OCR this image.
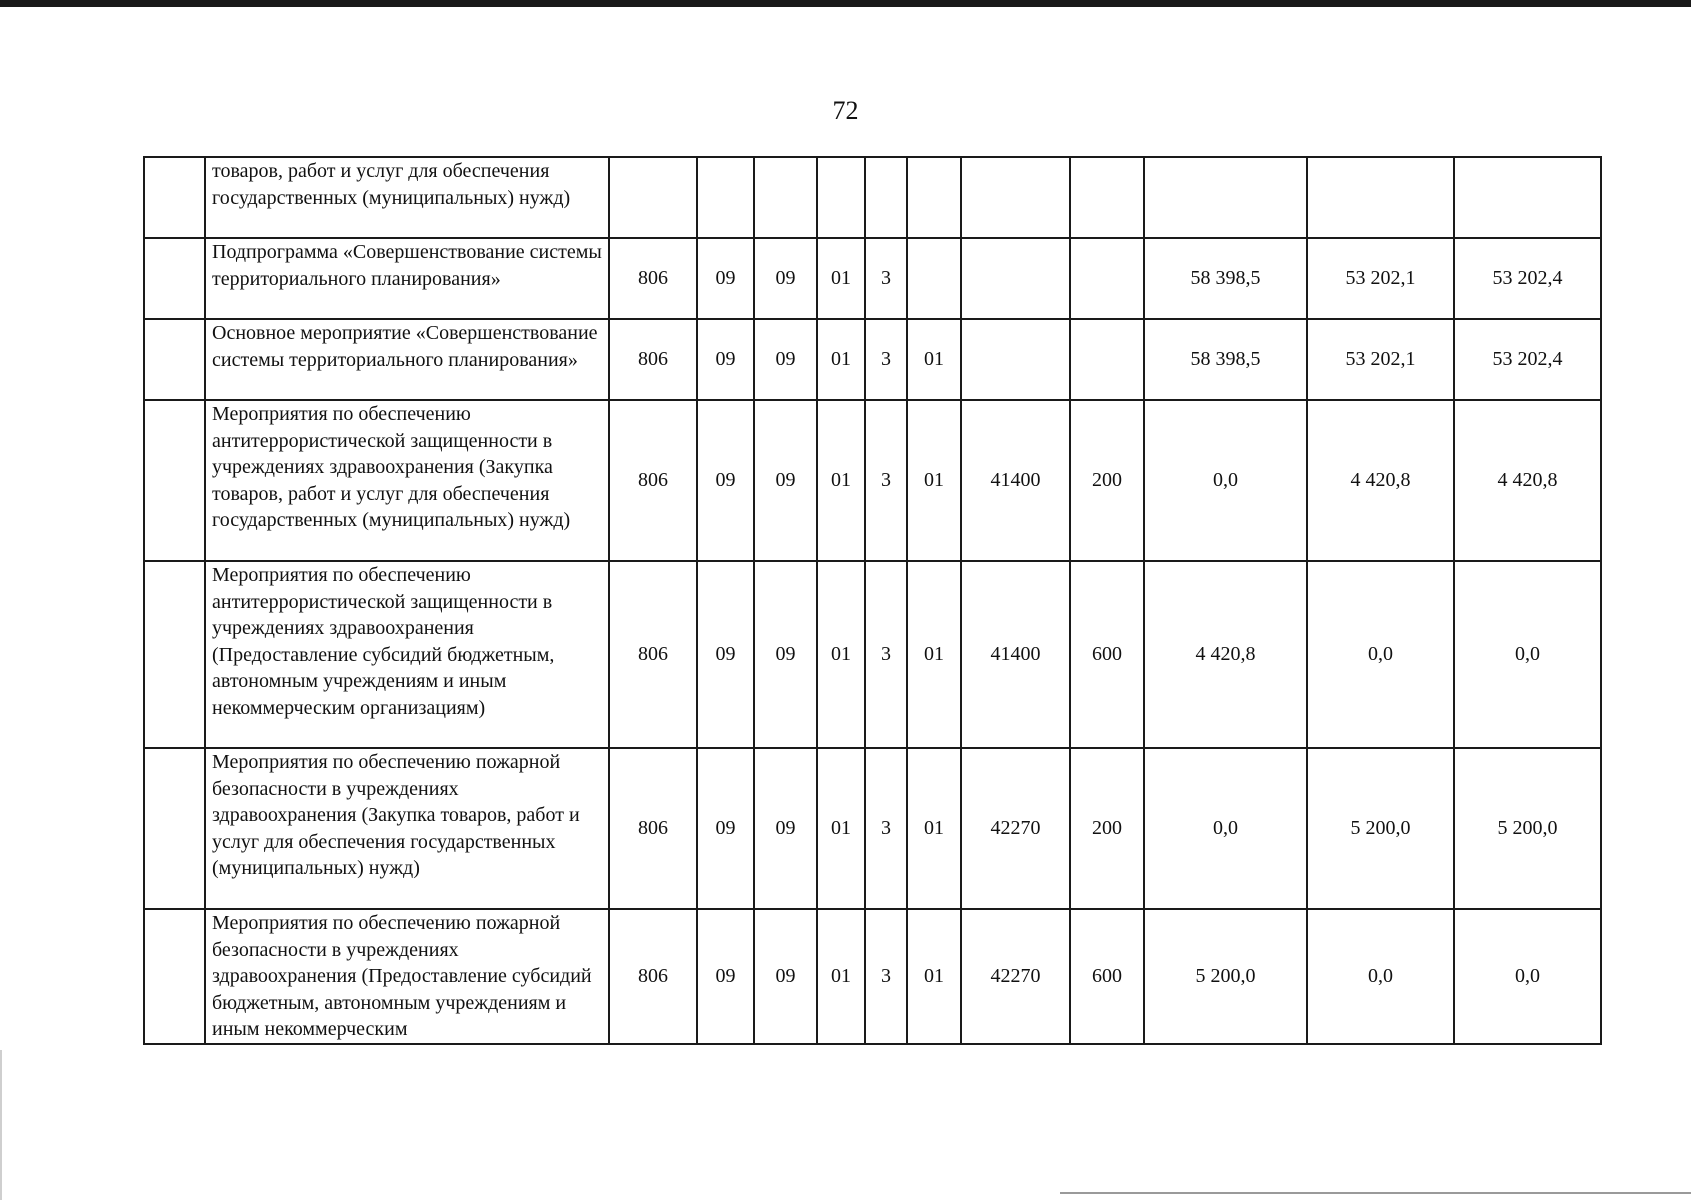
72
	товаров, работ и услуг для обеспечения государственных (муниципальных) нужд)											
	Подпрограмма «Совершенствование системы территориального планирования»	806	09	09	01	3				58 398,5	53 202,1	53 202,4
	Основное мероприятие «Совершенствование системы территориального планирования»	806	09	09	01	3	01			58 398,5	53 202,1	53 202,4
	Мероприятия по обеспечению антитеррористической защищенности в учреждениях здравоохранения (Закупка товаров, работ и услуг для обеспечения государственных (муниципальных) нужд)	806	09	09	01	3	01	41400	200	0,0	4 420,8	4 420,8
	Мероприятия по обеспечению антитеррористической защищенности в учреждениях здравоохранения (Предоставление субсидий бюджетным, автономным учреждениям и иным некоммерческим организациям)	806	09	09	01	3	01	41400	600	4 420,8	0,0	0,0
	Мероприятия по обеспечению пожарной безопасности в учреждениях здравоохранения (Закупка товаров, работ и услуг для обеспечения государственных (муниципальных) нужд)	806	09	09	01	3	01	42270	200	0,0	5 200,0	5 200,0
	Мероприятия по обеспечению пожарной безопасности в учреждениях здравоохранения (Предоставление субсидий бюджетным, автономным учреждениям и иным некоммерческим	806	09	09	01	3	01	42270	600	5 200,0	0,0	0,0
